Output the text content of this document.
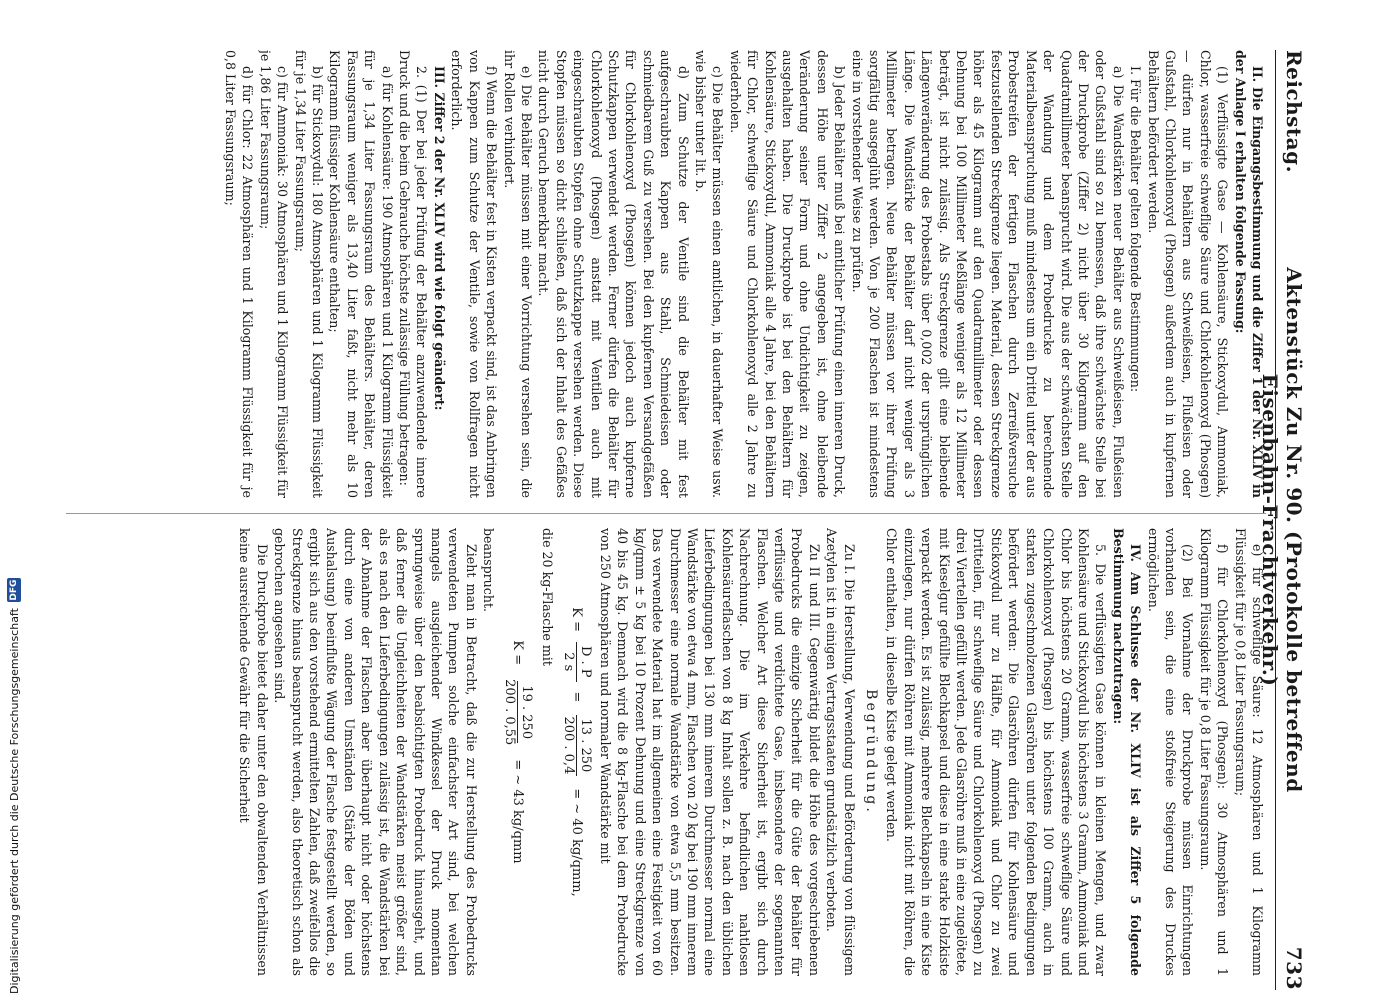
Reichstag.
Aktenstück Zu Nr. 90. (Protokolle betreffend Eisenbahn-Frachtverkehr.)
733

II. Die Eingangsbestimmung und die Ziffer 1 der Nr. XLIV in der Anlage I erhalten folgende Fassung:

(1) Verflüssigte Gase — Kohlensäure, Stickoxydul, Ammoniak, Chlor, wasserfreie schweflige Säure und Chlorkohlenoxyd (Phosgen) — dürfen nur in Behältern aus Schweißeisen, Flußeisen oder Gußstahl, Chlorkohlenoxyd (Phosgen) außerdem auch in kupfernen Behältern befördert werden.

I. Für die Behälter gelten folgende Bestimmungen:

a) Die Wandstärken neuer Behälter aus Schweißeisen, Flußeisen oder Gußstahl sind so zu bemessen, daß ihre schwächste Stelle bei der Druckprobe (Ziffer 2) nicht über 30 Kilogramm auf den Quadratmillimeter beansprucht wird. Die aus der schwächsten Stelle der Wandung und dem Probedrucke zu berechnende Materialbeanspruchung muß mindestens um ein Drittel unter der aus Probestreifen der fertigen Flaschen durch Zerreißversuche festzustellenden Streckgrenze liegen. Material, dessen Streckgrenze höher als 45 Kilogramm auf den Quadratmillimeter oder dessen Dehnung bei 100 Millimeter Meßlänge weniger als 12 Millimeter beträgt, ist nicht zulässig. Als Streckgrenze gilt eine bleibende Längenveränderung des Probestabs über 0,002 der ursprünglichen Länge. Die Wandstärke der Behälter darf nicht weniger als 3 Millimeter betragen. Neue Behälter müssen vor ihrer Prüfung sorgfältig ausgeglüht werden. Von je 200 Flaschen ist mindestens eine in vorstehender Weise zu prüfen.

b) Jeder Behälter muß bei amtlicher Prüfung einen inneren Druck, dessen Höhe unter Ziffer 2 angegeben ist, ohne bleibende Veränderung seiner Form und ohne Undichtigkeit zu zeigen, ausgehalten haben. Die Druckprobe ist bei den Behältern für Kohlensäure, Stickoxydul, Ammoniak alle 4 Jahre, bei den Behältern für Chlor, schweflige Säure und Chlorkohlenoxyd alle 2 Jahre zu wiederholen.

c) Die Behälter müssen einen amtlichen, in dauerhafter Weise usw. wie bisher unter lit. b.

d) Zum Schutze der Ventile sind die Behälter mit fest aufgeschraubten Kappen aus Stahl, Schmiedeisen oder schmiedbarem Guß zu versehen. Bei den kupfernen Versandgefäßen für Chlorkohlenoxyd (Phosgen) können jedoch auch kupferne Schutzkappen verwendet werden. Ferner dürfen die Behälter für Chlorkohlenoxyd (Phosgen) anstatt mit Ventilen auch mit eingeschraubten Stopfen ohne Schutzkappe versehen werden. Diese Stopfen müssen so dicht schließen, daß sich der Inhalt des Gefäßes nicht durch Geruch bemerkbar macht.

e) Die Behälter müssen mit einer Vorrichtung versehen sein, die ihr Rollen verhindert.

f) Wenn die Behälter fest in Kisten verpackt sind, ist das Anbringen von Kappen zum Schutze der Ventile, sowie von Rollfragen nicht erforderlich.

III. Ziffer 2 der Nr. XLIV wird wie folgt geändert:

2. (1) Der bei jeder Prüfung der Behälter anzuwendende innere Druck und die beim Gebrauche höchste zulässige Füllung betragen:

a) für Kohlensäure: 190 Atmosphären und 1 Kilogramm Flüssigkeit für je 1,34 Liter Fassungsraum des Behälters. Behälter, deren Fassungsraum weniger als 13,40 Liter faßt, nicht mehr als 10 Kilogramm flüssiger Kohlensäure enthalten;

b) für Stickoxydul: 180 Atmosphären und 1 Kilogramm Flüssigkeit für je 1,34 Liter Fassungsraum;

c) für Ammoniak: 30 Atmosphären und 1 Kilogramm Flüssigkeit für je 1,86 Liter Fassungsraum;

d) für Chlor: 22 Atmosphären und 1 Kilogramm Flüssigkeit für je 0,8 Liter Fassungsraum;

e) für schweflige Säure: 12 Atmosphären und 1 Kilogramm Flüssigkeit für je 0,8 Liter Fassungsraum;

f) für Chlorkohlenoxyd (Phosgen): 30 Atmosphären und 1 Kilogramm Flüssigkeit für je 0,8 Liter Fassungsraum.

(2) Bei Vornahme der Druckprobe müssen Einrichtungen vorhanden sein, die eine stoßfreie Steigerung des Druckes ermöglichen.

IV. Am Schlusse der Nr. XLIV ist als Ziffer 5 folgende Bestimmung nachzutragen:

5. Die verflüssigten Gase können in kleinen Mengen, und zwar Kohlensäure und Stickoxydul bis höchstens 3 Gramm, Ammoniak und Chlor bis höchstens 20 Gramm, wasserfreie schweflige Säure und Chlorkohlenoxyd (Phosgen) bis höchstens 100 Gramm, auch in starken zugeschmolzenen Glasröhren unter folgenden Bedingungen befördert werden: Die Glasröhren dürfen für Kohlensäure und Stickoxydul nur zu Hälfte, für Ammoniak und Chlor zu zwei Dritteilen, für schweflige Säure und Chlorkohlenoxyd (Phosgen) zu drei Viertellen gefüllt werden. Jede Glasröhre muß in eine zugelötete, mit Kieselgur gefüllte Blechkapsel und diese in eine starke Holzkiste verpackt werden. Es ist zulässig, mehrere Blechkapseln in eine Kiste einzulegen, nur dürfen Röhren mit Ammoniak nicht mit Röhren, die Chlor enthalten, in dieselbe Kiste gelegt werden.

Begründung.

Zu I. Die Herstellung, Verwendung und Beförderung von flüssigem Azetylen ist in einigen Vertragsstaaten grundsätzlich verboten.

Zu II und III. Gegenwärtig bildet die Höhe des vorgeschriebenen Probedrucks die einzige Sicherheit für die Güte der Behälter für verflüssigte und verdichtete Gase, insbesondere der sogenannten Flaschen. Welcher Art diese Sicherheit ist, ergibt sich durch Nachrechnung. Die im Verkehre befindlichen nahtlosen Kohlensäureflaschen von 8 kg Inhalt sollen z. B. nach den üblichen Lieferbedingungen bei 130 mm innerem Durchmesser normal eine Wandstärke von etwa 4 mm, Flaschen von 20 kg bei 190 mm innerem Durchmesser eine normale Wandstärke von etwa 5,5 mm besitzen. Das verwendete Material hat im allgemeinen eine Festigkeit von 60 kg/qmm ± 5 kg bei 10 Prozent Dehnung und eine Streckgrenze von 40 bis 45 kg. Demnach wird die 8 kg-Flasche bei dem Probedrucke von 250 Atmosphären und normaler Wandstärke mit

K =
D . P
2 s
=
13 . 250
200 . 0,4
= ~ 40 kg/qmm,

die 20 kg-Flasche mit

K =
19 . 250
200 . 0,55
= ~ 43 kg/qmm

beansprucht.

Zieht man in Betracht, daß die zur Herstellung des Probedrucks verwendeten Pumpen solche einfachster Art sind, bei welchen mangels ausgleichender Windkessel der Druck momentan sprungweise über den beabsichtigten Probedruck hinausgeht, und daß ferner die Ungleichheiten der Wandstärken meist größer sind, als es nach den Lieferbedingungen zulässig ist, die Wandstärken bei der Abnahme der Flaschen aber überhaupt nicht oder höchstens durch eine von anderen Umständen (Stärke der Böden und Aushalsung) beeinflußte Wägung der Flasche festgestellt werden, so ergibt sich aus den vorstehend ermittelten Zahlen, daß zweifellos die Streckgrenze hinaus beansprucht werden, also theoretisch schon als gebrochen angesehen sind.

Die Druckprobe bietet daher unter den obwaltenden Verhältnissen keine ausreichende Gewähr für die Sicherheit

Digitalisierung gefördert durch die Deutsche Forschungsgemeinschaft
DFG
